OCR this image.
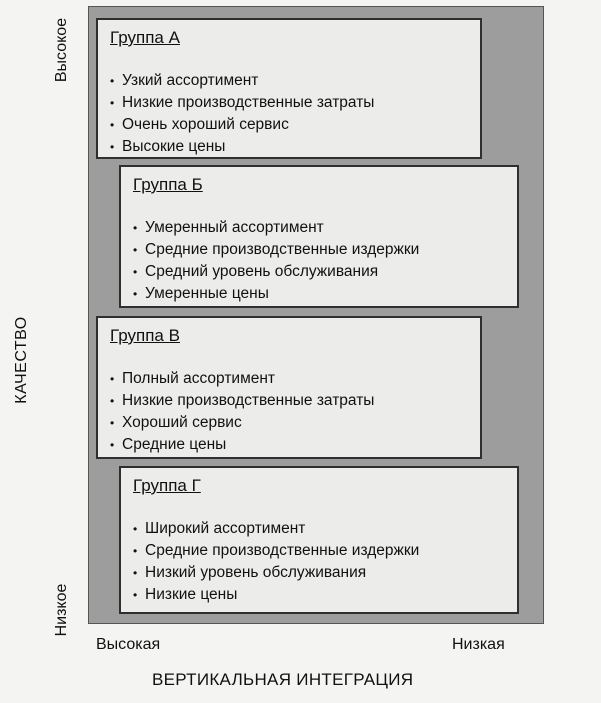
Группа А
• Узкий ассортимент
• Низкие производственные затраты
• Очень хороший сервис
• Высокие цены
Группа Б
• Умеренный ассортимент
• Средние производственные издержки
• Средний уровень обслуживания
• Умеренные цены
Группа В
• Полный ассортимент
• Низкие производственные затраты
• Хороший сервис
• Средние цены
Группа Г
• Широкий ассортимент
• Средние производственные издержки
• Низкий уровень обслуживания
• Низкие цены
КАЧЕСТВО
Высокое
Низкое
Высокая	Низкая
ВЕРТИКАЛЬНАЯ ИНТЕГРАЦИЯ
